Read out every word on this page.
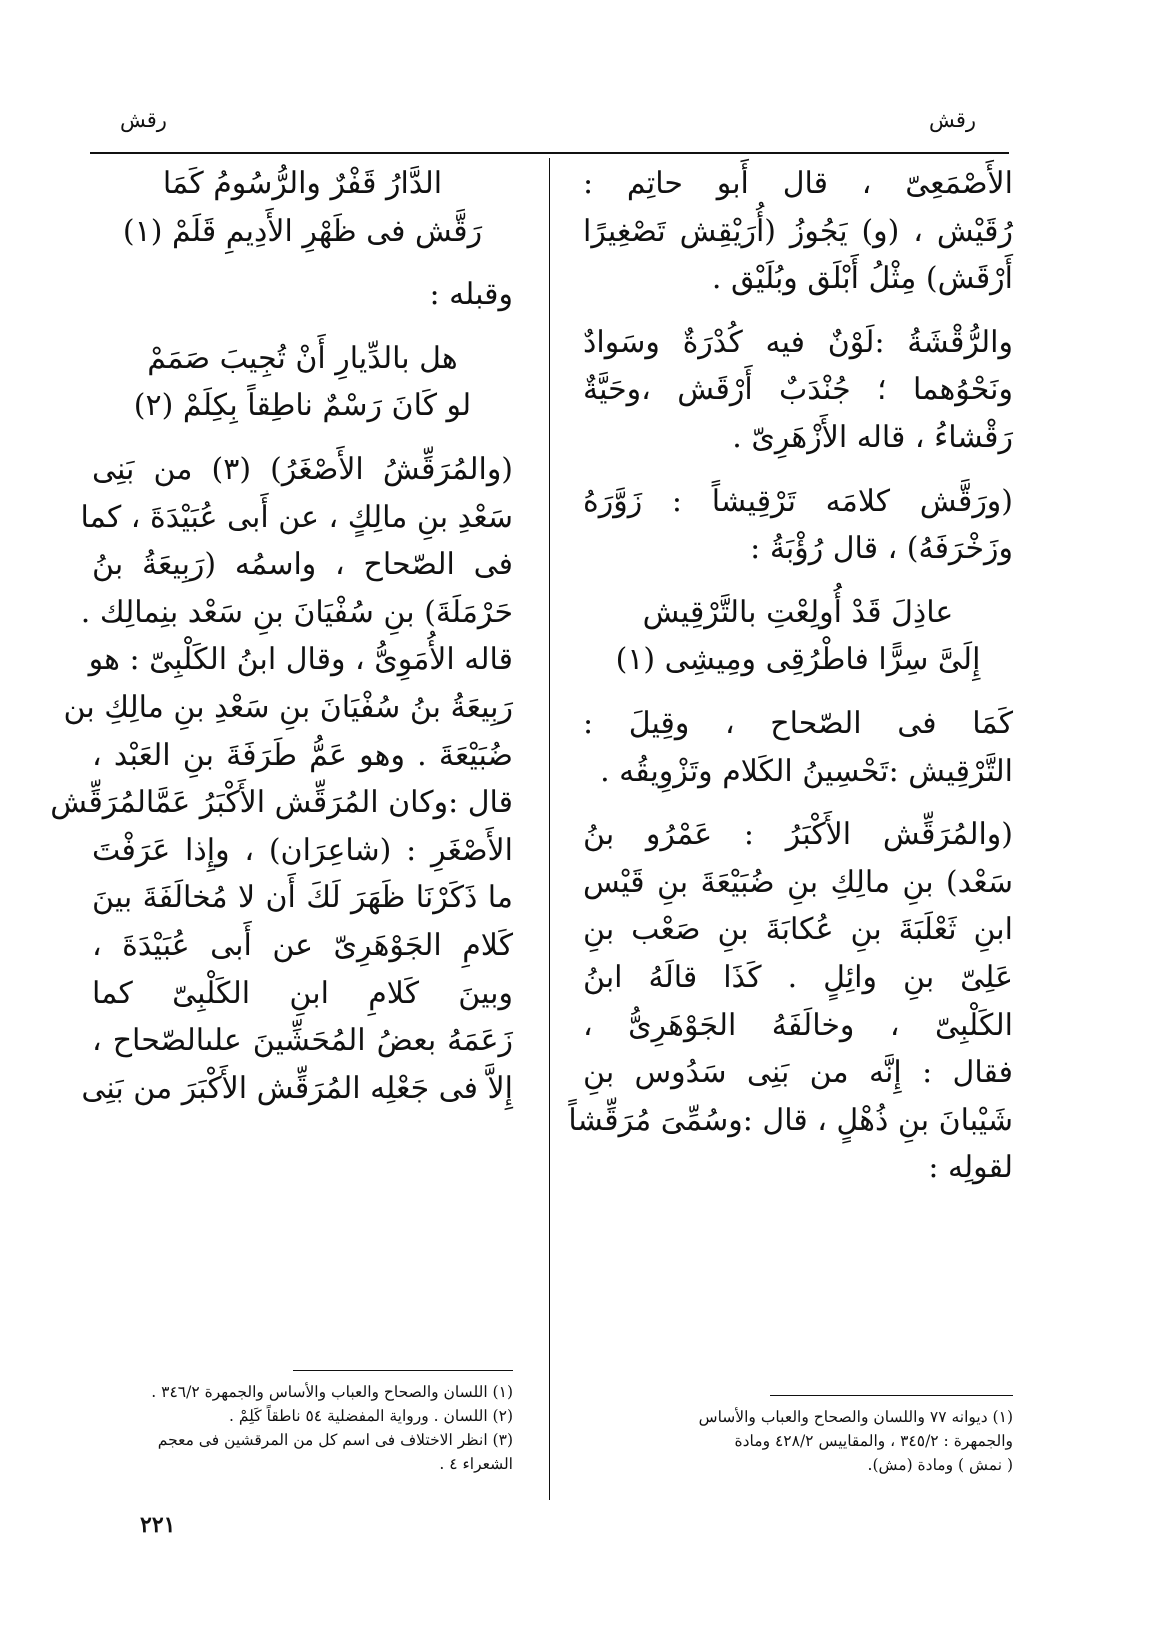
رقش
رقش
الأَصْمَعِىّ ، قال أَبو حاتِم :
رُقَيْش ، (و) يَجُوزُ (أُرَيْقِش تَصْغِيرًا
أَرْقَش) مِثْلُ أَبْلَق وبُلَيْق .
والرُّقْشَةُ :لَوْنٌ فيه كُدْرَةٌ وسَوادٌ
ونَحْوُهما ؛ جُنْدَبٌ أَرْقَش ،وحَيَّةٌ
رَقْشاءُ ، قاله الأَزْهَرِىّ .
(ورَقَّش كلامَه تَرْقِيشاً : زَوَّرَهُ
وزَخْرَفَهُ) ، قال رُؤْبَةُ :
عاذِلَ قَدْ أُولِعْتِ بالتَّرْقِيش
إِلَىَّ سِرًّا فاطْرُقِى ومِيشِى (١)
كَمَا فى الصّحاح ، وقِيلَ :
التَّرْقِيش :تَحْسِينُ الكَلام وتَزْوِيقُه .
(والمُرَقِّش الأَكْبَرُ : عَمْرُو بنُ
سَعْد) بنِ مالِكِ بنِ ضُبَيْعَةَ بنِ قَيْس
ابنِ ثَعْلَبَةَ بنِ عُكابَةَ بنِ صَعْب بنِ
عَلِىّ بنِ وائِلٍ . كَذَا قالَهُ ابنُ
الكَلْبِىّ ، وخالَفَهُ الجَوْهَرِىُّ ،
فقال : إِنَّه من بَنِى سَدُوس بنِ
شَيْبانَ بنِ ذُهْلٍ ، قال :وسُمِّىَ مُرَقِّشاً
لقولِه :
الدَّارُ قَفْرٌ والرُّسُومُ كَمَا
رَقَّش فى ظَهْرِ الأَدِيمِ قَلَمْ (١)
وقبله :
هل بالدِّيارِ أَنْ تُجِيبَ صَمَمْ
لو كَانَ رَسْمٌ ناطِقاً بِكِلَمْ (٢)
(والمُرَقِّشُ الأَصْغَرُ) (٣) من بَنِى
سَعْدِ بنِ مالِكٍ ، عن أَبى عُبَيْدَةَ ، كما
فى الصّحاح ، واسمُه (رَبِيعَةُ بنُ
حَرْمَلَةَ) بنِ سُفْيَانَ بنِ سَعْد بنِمالِك .
قاله الأُمَوِىُّ ، وقال ابنُ الكَلْبِىّ : هو
رَبِيعَةُ بنُ سُفْيَانَ بنِ سَعْدِ بنِ مالِكِ بن
ضُبَيْعَةَ . وهو عَمُّ طَرَفَةَ بنِ العَبْد ،
قال :وكان المُرَقِّش الأَكْبَرُ عَمَّالمُرَقِّش
الأَصْغَرِ : (شاعِرَان) ، وإِذا عَرَفْتَ
ما ذَكَرْنَا ظَهَرَ لَكَ أَن لا مُخالَفَةَ بينَ
كَلامِ الجَوْهَرِىّ عن أَبى عُبَيْدَةَ ،
وبينَ كَلامِ ابنِ الكَلْبِىّ كما
زَعَمَهُ بعضُ المُحَشِّينَ علىالصّحاح ،
إِلاَّ فى جَعْلِه المُرَقِّش الأَكْبَرَ من بَنِى
(١) ديوانه ٧٧ واللسان والصحاح والعباب والأساس
والجمهرة : ٣٤٥/٢ ، والمقاييس ٤٢٨/٢ ومادة
( نمش ) ومادة (مش).
(١) اللسان والصحاح والعباب والأساس والجمهرة ٣٤٦/٢ .
(٢) اللسان . ورواية المفضلية ٥٤ ناطقاً كَلِمْ .
(٣) انظر الاختلاف فى اسم كل من المرقشين فى معجم
الشعراء ٤ .
٢٢١
